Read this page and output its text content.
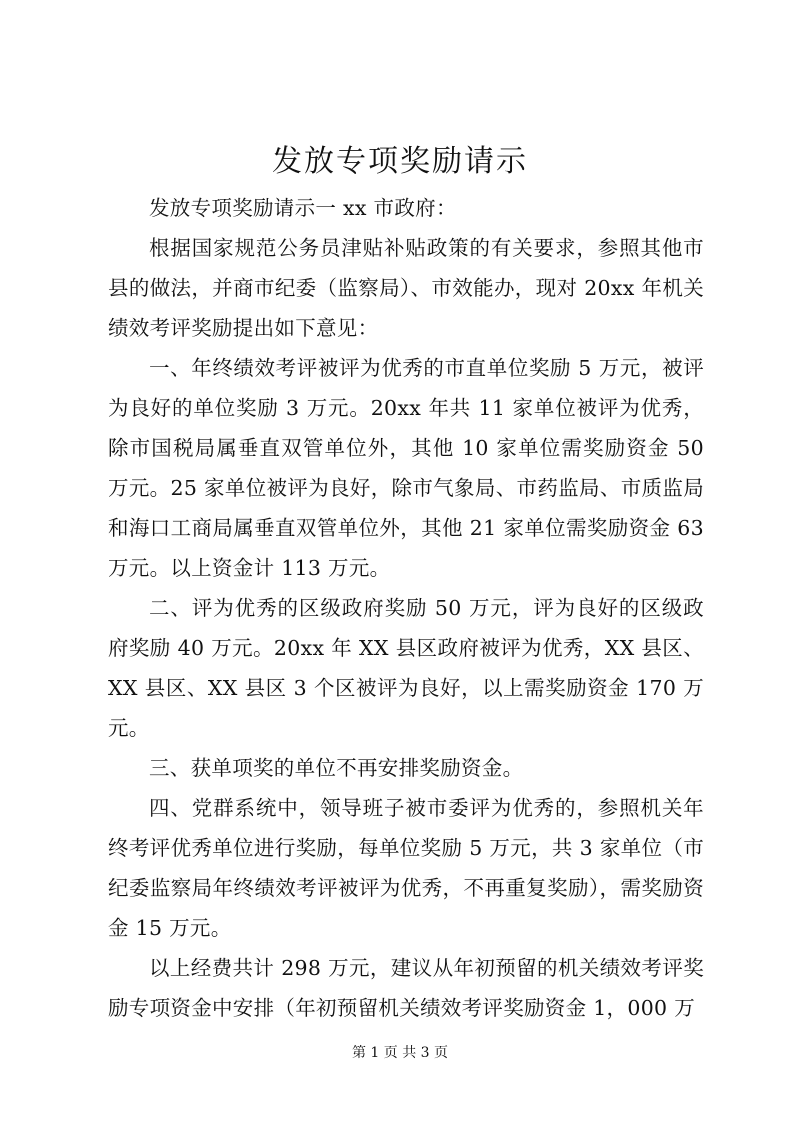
发放专项奖励请示

发放专项奖励请示一 xx 市政府：

根据国家规范公务员津贴补贴政策的有关要求，参照其他市县的做法，并商市纪委（监察局）、市效能办，现对 20xx 年机关绩效考评奖励提出如下意见：

一、年终绩效考评被评为优秀的市直单位奖励 5 万元，被评为良好的单位奖励 3 万元。20xx 年共 11 家单位被评为优秀，除市国税局属垂直双管单位外，其他 10 家单位需奖励资金 50 万元。25 家单位被评为良好，除市气象局、市药监局、市质监局和海口工商局属垂直双管单位外，其他 21 家单位需奖励资金 63 万元。以上资金计 113 万元。

二、评为优秀的区级政府奖励 50 万元，评为良好的区级政府奖励 40 万元。20xx 年 XX 县区政府被评为优秀，XX 县区、XX 县区、XX 县区 3 个区被评为良好，以上需奖励资金 170 万元。

三、获单项奖的单位不再安排奖励资金。

四、党群系统中，领导班子被市委评为优秀的，参照机关年终考评优秀单位进行奖励，每单位奖励 5 万元，共 3 家单位（市纪委监察局年终绩效考评被评为优秀，不再重复奖励），需奖励资金 15 万元。

以上经费共计 298 万元，建议从年初预留的机关绩效考评奖励专项资金中安排（年初预留机关绩效考评奖励资金 1，000 万

第 1 页 共 3 页
